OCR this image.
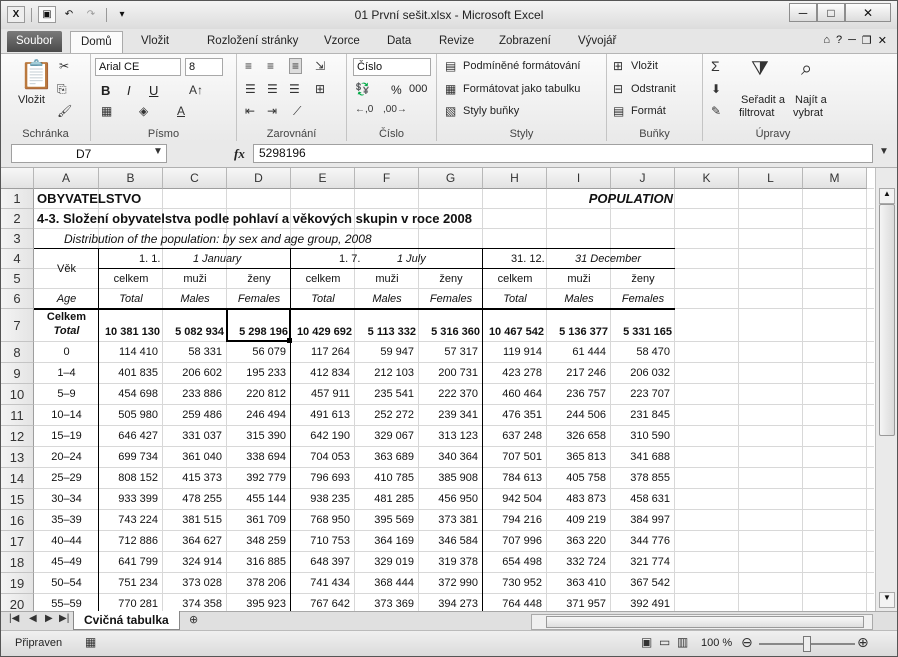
X	▣	↶	↷	▾	01 První sešit.xlsx - Microsoft Excel	─	□	✕
Soubor	Domů	Vložit	Rozložení stránky	Vzorce	Data	Revize	Zobrazení	Vývojář	⌂ ? ─ ❐ ✕
📋
Vložit
✂
⎘
🖌
Schránka
Arial CE	8
B I U	A↑
▦ ◈ A
Písmo
≡ ≡ ≡ ⇲
☰ ☰ ☰ ⊞
⇤ ⇥ ⟋
Zarovnání
Číslo
💱 % 000
←,0 ,00→
Číslo
▤ Podmíněné formátování
▦ Formátovat jako tabulku
▧ Styly buňky
Styly
⊞ Vložit
⊟ Odstranit
▤ Formát
Buňky
Σ
⬇
✎
⧩
Seřadit a
filtrovat
⌕
Najít a
vybrat
Úpravy
D7	▼	fx	5298196	▼
A	B	C	D	E	F	G	H	I	J	K	L	M
1
2
3
4
5
6
7
8
9
10
11
12
13
14
15
16
17
18
19
20
OBYVATELSTVO	POPULATION
4-3. Složení obyvatelstva podle pohlaví a věkových skupin v roce 2008
Distribution of the population: by sex and age group, 2008
Věk
Age
1. 1.	1 January	1. 7.	1 July	31. 12.	31 December
celkem
Total
muži
Males
ženy
Females
celkem
Total
muži
Males
ženy
Females
celkem
Total
muži
Males
ženy
Females
Celkem
Total	10 381 130	5 082 934	5 298 196 10 429 692	5 113 332	5 316 360 10 467 542	5 136 377	5 331 165
0	114 410	58 331	56 079	117 264	59 947	57 317	119 914	61 444	58 470
1–4	401 835	206 602	195 233	412 834	212 103	200 731	423 278	217 246	206 032
5–9	454 698	233 886	220 812	457 911	235 541	222 370	460 464	236 757	223 707
10–14	505 980	259 486	246 494	491 613	252 272	239 341	476 351	244 506	231 845
15–19	646 427	331 037	315 390	642 190	329 067	313 123	637 248	326 658	310 590
20–24	699 734	361 040	338 694	704 053	363 689	340 364	707 501	365 813	341 688
25–29	808 152	415 373	392 779	796 693	410 785	385 908	784 613	405 758	378 855
30–34	933 399	478 255	455 144	938 235	481 285	456 950	942 504	483 873	458 631
35–39	743 224	381 515	361 709	768 950	395 569	373 381	794 216	409 219	384 997
40–44	712 886	364 627	348 259	710 753	364 169	346 584	707 996	363 220	344 776
45–49	641 799	324 914	316 885	648 397	329 019	319 378	654 498	332 724	321 774
50–54	751 234	373 028	378 206	741 434	368 444	372 990	730 952	363 410	367 542
55–59	770 281	374 358	395 923	767 642	373 369	394 273	764 448	371 957	392 491
▲
▼
|◀ ◀ ▶ ▶|	Cvičná tabulka	⊕
Připraven ▦	▣ ▭ ▥ 100 % ⊖	⊕
